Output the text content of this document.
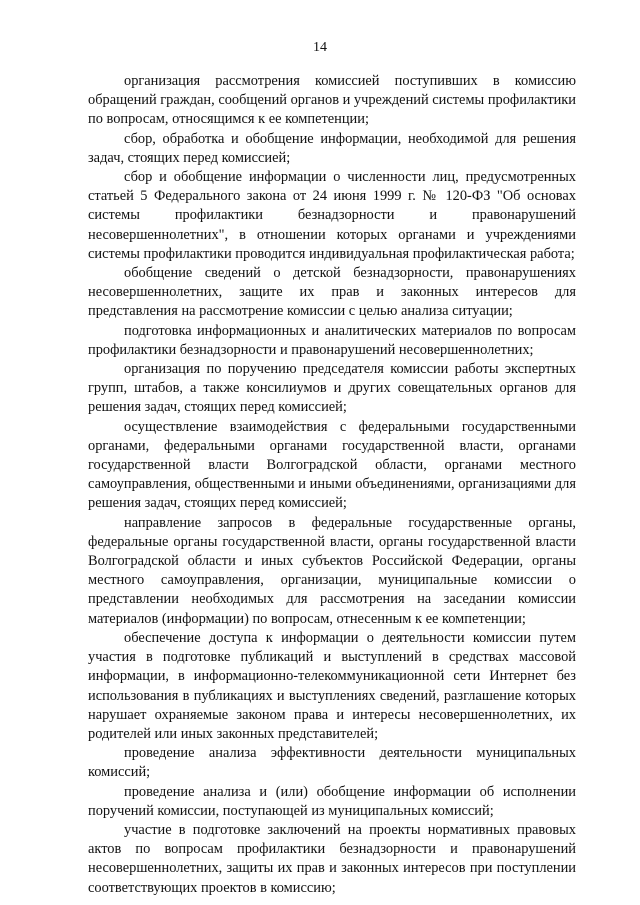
14

организация рассмотрения комиссией поступивших в комиссию обращений граждан, сообщений органов и учреждений системы профилактики по вопросам, относящимся к ее компетенции;

сбор, обработка и обобщение информации, необходимой для решения задач, стоящих перед комиссией;

сбор и обобщение информации о численности лиц, предусмотренных статьей 5 Федерального закона от 24 июня 1999 г. № 120-ФЗ "Об основах системы профилактики безнадзорности и правонарушений несовершеннолетних", в отношении которых органами и учреждениями системы профилактики проводится индивидуальная профилактическая работа;

обобщение сведений о детской безнадзорности, правонарушениях несовершеннолетних, защите их прав и законных интересов для представления на рассмотрение комиссии с целью анализа ситуации;

подготовка информационных и аналитических материалов по вопросам профилактики безнадзорности и правонарушений несовершеннолетних;

организация по поручению председателя комиссии работы экспертных групп, штабов, а также консилиумов и других совещательных органов для решения задач, стоящих перед комиссией;

осуществление взаимодействия с федеральными государственными органами, федеральными органами государственной власти, органами государственной власти Волгоградской области, органами местного самоуправления, общественными и иными объединениями, организациями для решения задач, стоящих перед комиссией;

направление запросов в федеральные государственные органы, федеральные органы государственной власти, органы государственной власти Волгоградской области и иных субъектов Российской Федерации, органы местного самоуправления, организации, муниципальные комиссии о представлении необходимых для рассмотрения на заседании комиссии материалов (информации) по вопросам, отнесенным к ее компетенции;

обеспечение доступа к информации о деятельности комиссии путем участия в подготовке публикаций и выступлений в средствах массовой информации, в информационно-телекоммуникационной сети Интернет без использования в публикациях и выступлениях сведений, разглашение которых нарушает охраняемые законом права и интересы несовершеннолетних, их родителей или иных законных представителей;

проведение анализа эффективности деятельности муниципальных комиссий;

проведение анализа и (или) обобщение информации об исполнении поручений комиссии, поступающей из муниципальных комиссий;

участие в подготовке заключений на проекты нормативных правовых актов по вопросам профилактики безнадзорности и правонарушений несовершеннолетних, защиты их прав и законных интересов при поступлении соответствующих проектов в комиссию;
